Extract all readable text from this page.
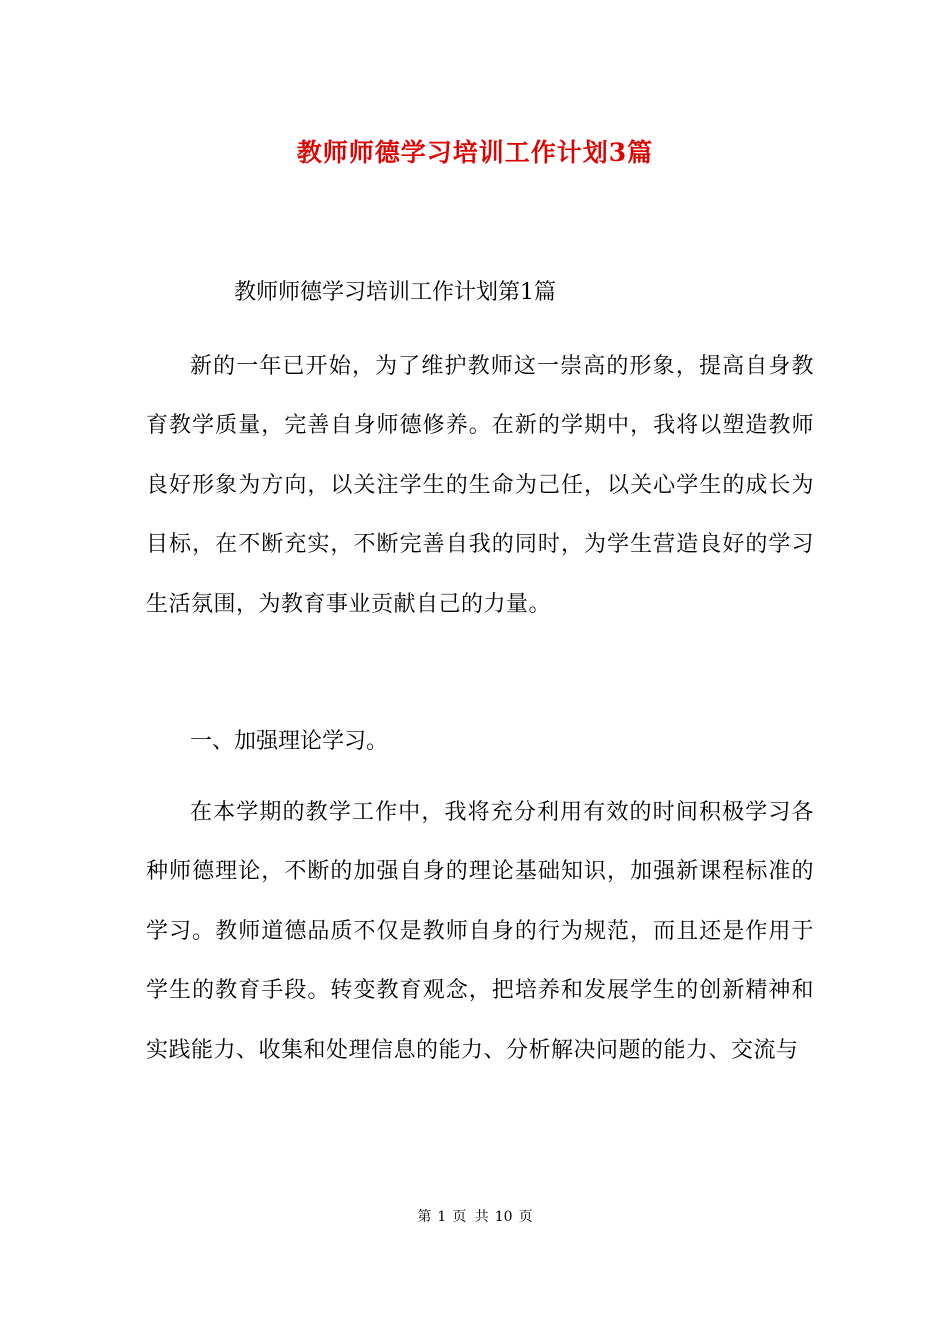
教师师德学习培训工作计划3篇

教师师德学习培训工作计划第1篇

新的一年已开始，为了维护教师这一崇高的形象，提高自身教育教学质量，完善自身师德修养。在新的学期中，我将以塑造教师良好形象为方向，以关注学生的生命为己任，以关心学生的成长为目标，在不断充实，不断完善自我的同时，为学生营造良好的学习生活氛围，为教育事业贡献自己的力量。

一、加强理论学习。

在本学期的教学工作中，我将充分利用有效的时间积极学习各种师德理论，不断的加强自身的理论基础知识，加强新课程标准的学习。教师道德品质不仅是教师自身的行为规范，而且还是作用于学生的教育手段。转变教育观念，把培养和发展学生的创新精神和实践能力、收集和处理信息的能力、分析解决问题的能力、交流与

第 1 页 共 10 页
